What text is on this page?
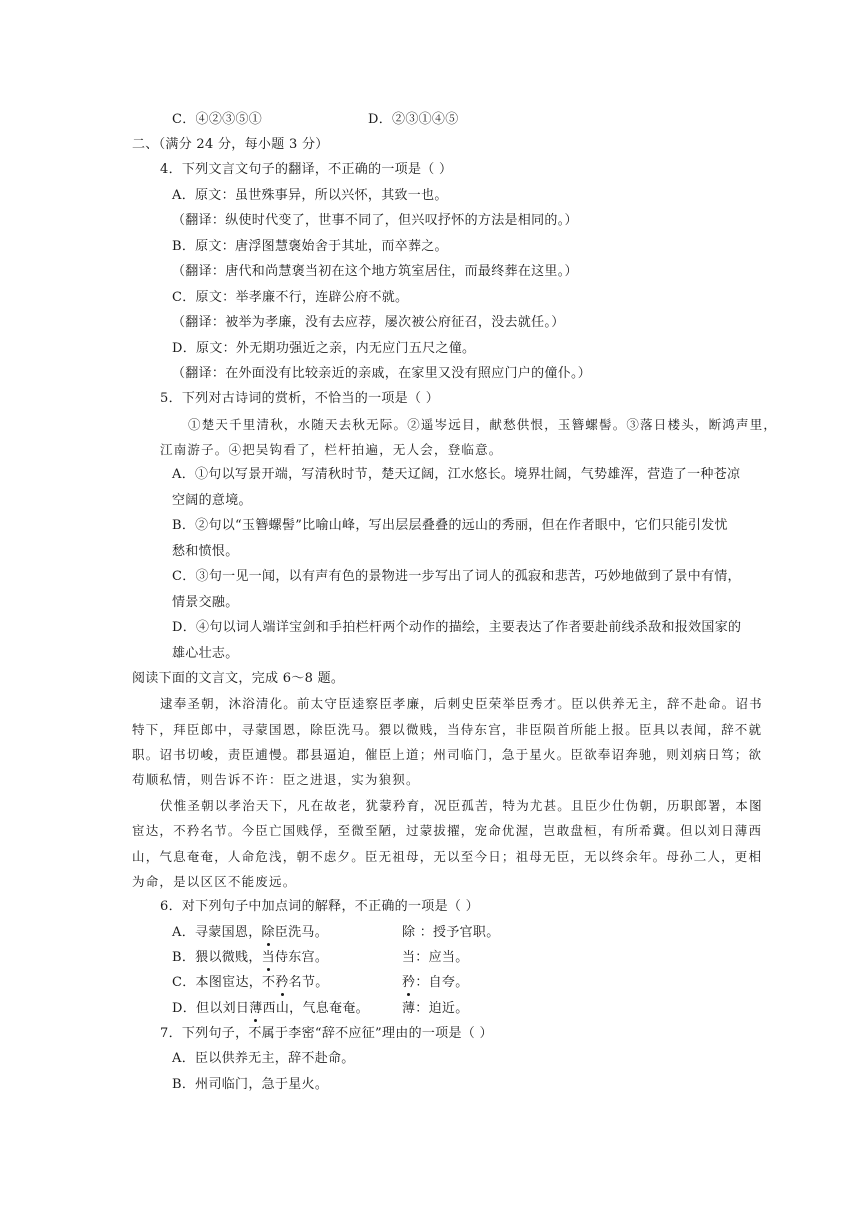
C．④②③⑤①	D．②③①④⑤
二、（满分 24 分，每小题 3 分）
4．下列文言文句子的翻译，不正确的一项是（ ）
A．原文：虽世殊事异，所以兴怀，其致一也。
（翻译：纵使时代变了，世事不同了，但兴叹抒怀的方法是相同的。）
B．原文：唐浮图慧褒始舍于其址，而卒葬之。
（翻译：唐代和尚慧褒当初在这个地方筑室居住，而最终葬在这里。）
C．原文：举孝廉不行，连辟公府不就。
（翻译：被举为孝廉，没有去应荐，屡次被公府征召，没去就任。）
D．原文：外无期功强近之亲，内无应门五尺之僮。
（翻译：在外面没有比较亲近的亲戚，在家里又没有照应门户的僮仆。）
5．下列对古诗词的赏析，不恰当的一项是（ ）
①楚天千里清秋，水随天去秋无际。②遥岑远目，献愁供恨，玉簪螺髻。③落日楼头，断鸿声里，
江南游子。④把吴钩看了，栏杆拍遍，无人会，登临意。
A．①句以写景开端，写清秋时节，楚天辽阔，江水悠长。境界壮阔，气势雄浑，营造了一种苍凉
空阔的意境。
B．②句以“玉簪螺髻”比喻山峰，写出层层叠叠的远山的秀丽，但在作者眼中，它们只能引发忧
愁和愤恨。
C．③句一见一闻，以有声有色的景物进一步写出了词人的孤寂和悲苦，巧妙地做到了景中有情，
情景交融。
D．④句以词人端详宝剑和手拍栏杆两个动作的描绘，主要表达了作者要赴前线杀敌和报效国家的
雄心壮志。
阅读下面的文言文，完成 6～8 题。
逮奉圣朝，沐浴清化。前太守臣逵察臣孝廉，后刺史臣荣举臣秀才。臣以供养无主，辞不赴命。诏书
特下，拜臣郎中，寻蒙国恩，除臣洗马。猥以微贱，当侍东宫，非臣陨首所能上报。臣具以表闻，辞不就
职。诏书切峻，责臣逋慢。郡县逼迫，催臣上道；州司临门，急于星火。臣欲奉诏奔驰，则刘病日笃；欲
苟顺私情，则告诉不许：臣之进退，实为狼狈。
伏惟圣朝以孝治天下，凡在故老，犹蒙矜育，况臣孤苦，特为尤甚。且臣少仕伪朝，历职郎署，本图
宦达，不矜名节。今臣亡国贱俘，至微至陋，过蒙拔擢，宠命优渥，岂敢盘桓，有所希冀。但以刘日薄西
山，气息奄奄，人命危浅，朝不虑夕。臣无祖母，无以至今日；祖母无臣，无以终余年。母孙二人，更相
为命，是以区区不能废远。
6．对下列句子中加点词的解释，不正确的一项是（ ）
A．寻蒙国恩，除臣洗马。	除 ：授予官职。
B．猥以微贱，当侍东宫。	当：应当。
C．本图宦达，不矜名节。	矜：自夸。
D．但以刘日薄西山，气息奄奄。	薄：迫近。
7．下列句子，不属于李密“辞不应征”理由的一项是（ ）
A．臣以供养无主，辞不赴命。
B．州司临门，急于星火。
